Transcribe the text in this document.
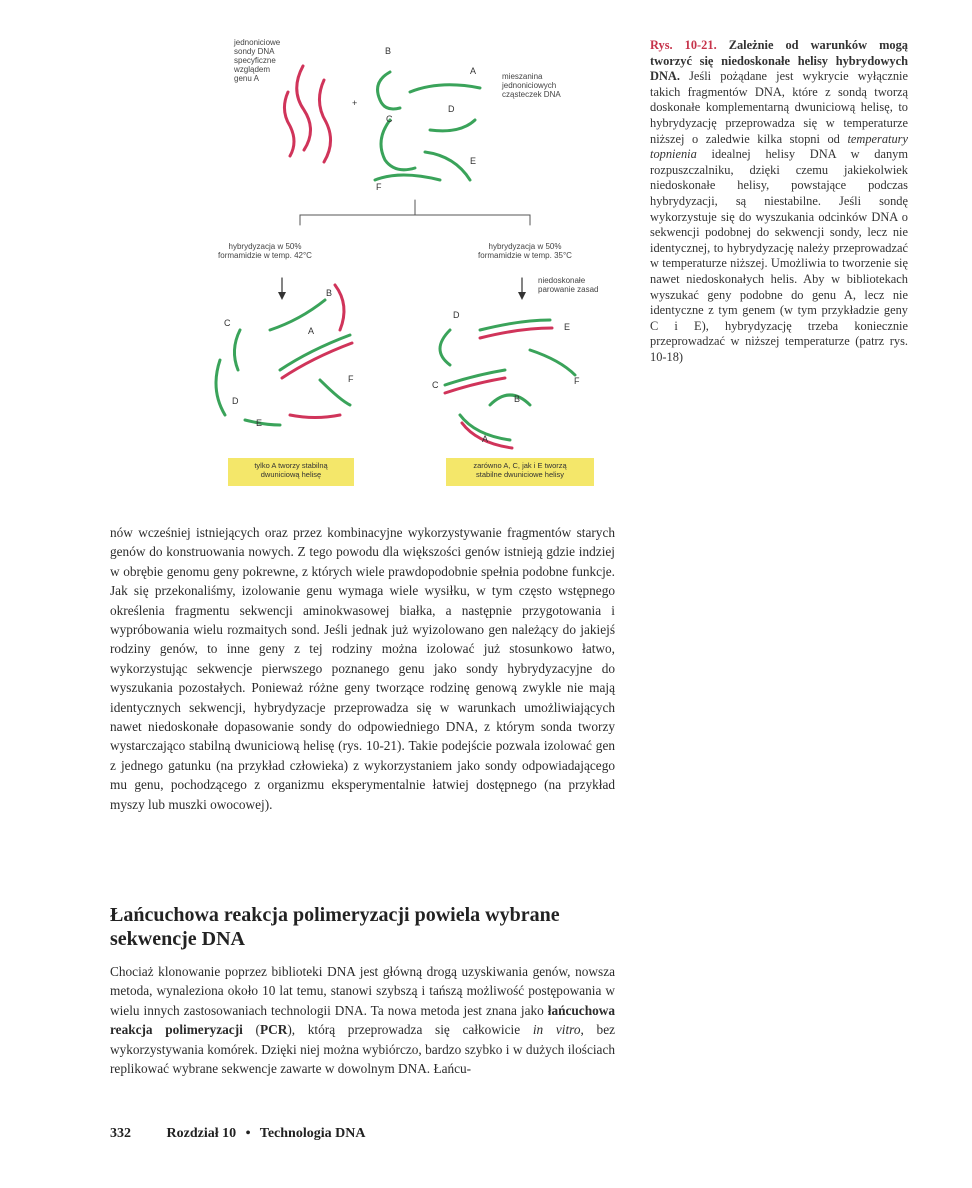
jednoniciowe
sondy DNA
specyficzne
wzglądem
genu A	mieszanina
jednoniciowych
cząsteczek DNA
+
hybrydyzacja w 50%
formamidzie w temp. 42°C
hybrydyzacja w 50%
formamidzie w temp. 35°C
niedoskonałe
parowanie zasad
B
A
C
D
E
F
B
C
A
F
D
E
D
E
F
C
B
A
tylko A tworzy stabilną
dwuniciową helisę
zarówno A, C, jak i E tworzą
stabilne dwuniciowe helisy
Rys. 10-21. Zależnie od warunków mogą tworzyć się niedoskonałe helisy hybrydowych DNA. Jeśli pożądane jest wykrycie wyłącznie takich fragmentów DNA, które z sondą tworzą doskonałe komplementarną dwuniciową helisę, to hybrydyzację przeprowadza się w temperaturze niższej o zaledwie kilka stopni od temperatury topnienia idealnej helisy DNA w danym rozpuszczalniku, dzięki czemu jakiekolwiek niedoskonałe helisy, powstające podczas hybrydyzacji, są niestabilne. Jeśli sondę wykorzystuje się do wyszukania odcinków DNA o sekwencji podobnej do sekwencji sondy, lecz nie identycznej, to hybrydyzację należy przeprowadzać w temperaturze niższej. Umożliwia to tworzenie się nawet niedoskonałych helis. Aby w bibliotekach wyszukać geny podobne do genu A, lecz nie identyczne z tym genem (w tym przykładzie geny C i E), hybrydyzację trzeba koniecznie przeprowadzać w niższej temperaturze (patrz rys. 10-18)

nów wcześniej istniejących oraz przez kombinacyjne wykorzystywanie fragmentów starych genów do konstruowania nowych. Z tego powodu dla większości genów istnieją gdzie indziej w obrębie genomu geny pokrewne, z których wiele prawdopodobnie spełnia podobne funkcje. Jak się przekonaliśmy, izolowanie genu wymaga wiele wysiłku, w tym często wstępnego określenia fragmentu sekwencji aminokwasowej białka, a następnie przygotowania i wypróbowania wielu rozmaitych sond. Jeśli jednak już wyizolowano gen należący do jakiejś rodziny genów, to inne geny z tej rodziny można izolować już stosunkowo łatwo, wykorzystując sekwencje pierwszego poznanego genu jako sondy hybrydyzacyjne do wyszukania pozostałych. Ponieważ różne geny tworzące rodzinę genową zwykle nie mają identycznych sekwencji, hybrydyzacje przeprowadza się w warunkach umożliwiających nawet niedoskonałe dopasowanie sondy do odpowiedniego DNA, z którym sonda tworzy wystarczająco stabilną dwuniciową helisę (rys. 10-21). Takie podejście pozwala izolować gen z jednego gatunku (na przykład człowieka) z wykorzystaniem jako sondy odpowiadającego mu genu, pochodzącego z organizmu eksperymentalnie łatwiej dostępnego (na przykład myszy lub muszki owocowej).

Łańcuchowa reakcja polimeryzacji powiela wybrane sekwencje DNA

Chociaż klonowanie poprzez biblioteki DNA jest główną drogą uzyskiwania genów, nowsza metoda, wynaleziona około 10 lat temu, stanowi szybszą i tańszą możliwość postępowania w wielu innych zastosowaniach technologii DNA. Ta nowa metoda jest znana jako łańcuchowa reakcja polimeryzacji (PCR), którą przeprowadza się całkowicie in vitro, bez wykorzystywania komórek. Dzięki niej można wybiórczo, bardzo szybko i w dużych ilościach replikować wybrane sekwencje zawarte w dowolnym DNA. Łańcu-

332	Rozdział 10 • Technologia DNA
